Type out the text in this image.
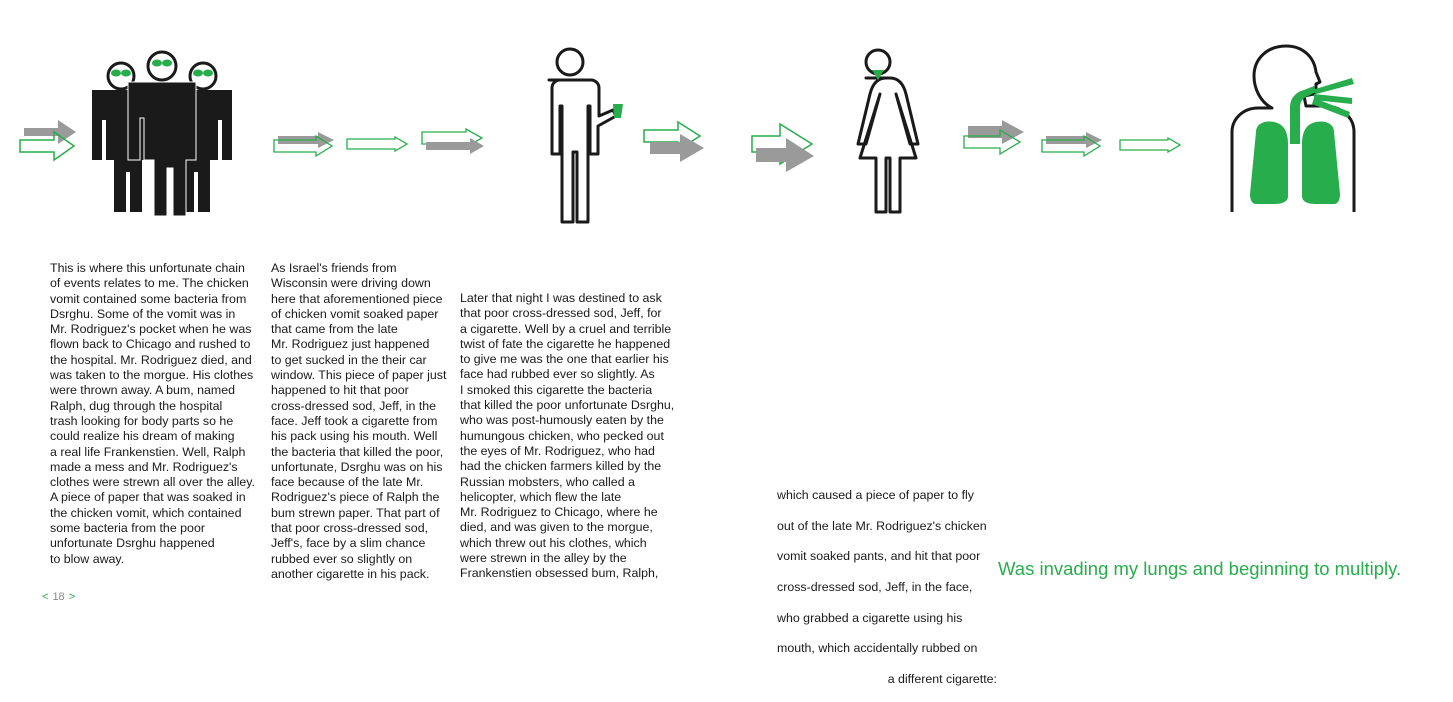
This is where this unfortunate chain
of events relates to me. The chicken
vomit contained some bacteria from
Dsrghu. Some of the vomit was in
Mr. Rodriguez's pocket when he was
flown back to Chicago and rushed to
the hospital. Mr. Rodriguez died, and
was taken to the morgue. His clothes
were thrown away. A bum, named
Ralph, dug through the hospital
trash looking for body parts so he
could realize his dream of making
a real life Frankenstien. Well, Ralph
made a mess and Mr. Rodriguez's
clothes were strewn all over the alley.
A piece of paper that was soaked in
the chicken vomit, which contained
some bacteria from the poor
unfortunate Dsrghu happened
to blow away.

As Israel's friends from
Wisconsin were driving down
here that aforementioned piece
of chicken vomit soaked paper
that came from the late
Mr. Rodriguez just happened
to get sucked in the their car
window. This piece of paper just
happened to hit that poor
cross-dressed sod, Jeff, in the
face. Jeff took a cigarette from
his pack using his mouth. Well
the bacteria that killed the poor,
unfortunate, Dsrghu was on his
face because of the late Mr.
Rodriguez's piece of Ralph the
bum strewn paper. That part of
that poor cross-dressed sod,
Jeff's, face by a slim chance
rubbed ever so slightly on
another cigarette in his pack.

Later that night I was destined to ask
that poor cross-dressed sod, Jeff, for
a cigarette. Well by a cruel and terrible
twist of fate the cigarette he happened
to give me was the one that earlier his
face had rubbed ever so slightly. As
I smoked this cigarette the bacteria
that killed the poor unfortunate Dsrghu,
who was post-humously eaten by the
humungous chicken, who pecked out
the eyes of Mr. Rodriguez, who had
had the chicken farmers killed by the
Russian mobsters, who called a
helicopter, which flew the late
Mr. Rodriguez to Chicago, where he
died, and was given to the morgue,
which threw out his clothes, which
were strewn in the alley by the
Frankenstien obsessed bum, Ralph,

which caused a piece of paper to fly

out of the late Mr. Rodriguez's chicken

vomit soaked pants, and hit that poor

cross-dressed sod, Jeff, in the face,

who grabbed a cigarette using his

mouth, which accidentally rubbed on

a different cigarette:

Was invading my lungs and beginning to multiply.

< 18 >
